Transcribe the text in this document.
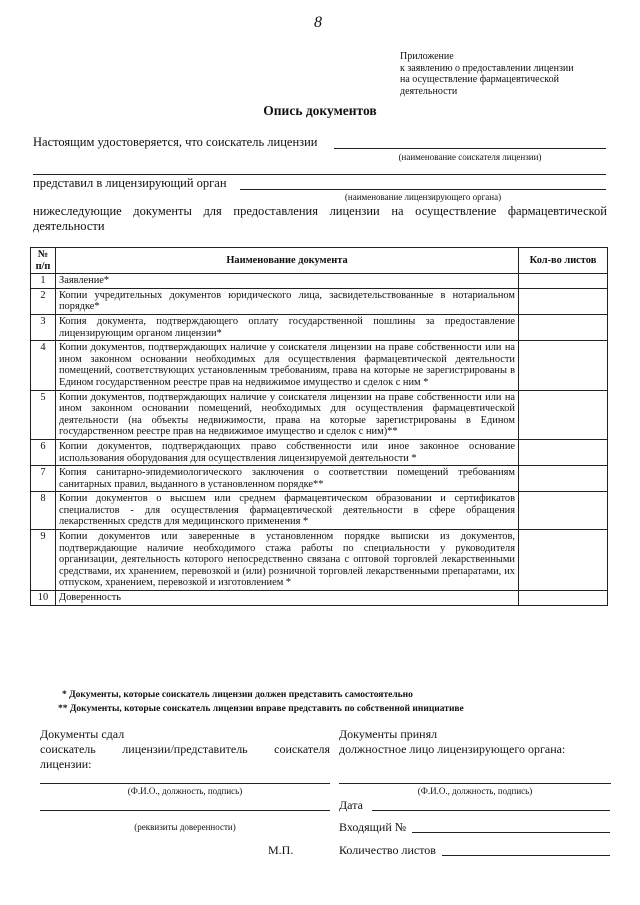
8
Приложение
к заявлению о предоставлении лицензии
на осуществление фармацевтической
деятельности
Опись документов
Настоящим удостоверяется, что соискатель лицензии
(наименование соискателя лицензии)
представил в лицензирующий орган
(наименование лицензирующего органа)
нижеследующие документы для предоставления лицензии на осуществление фармацевтической деятельности
№ п/п	Наименование документа	Кол-во листов
1	Заявление*	
2	Копии учредительных документов юридического лица, засвидетельствованные в нотариальном порядке*	
3	Копия документа, подтверждающего оплату государственной пошлины за предоставление лицензирующим органом лицензии*	
4	Копии документов, подтверждающих наличие у соискателя лицензии на праве собственности или на ином законном основании необходимых для осуществления фармацевтической деятельности помещений, соответствующих установленным требованиям, права на которые не зарегистрированы в Едином государственном реестре прав на недвижимое имущество и сделок с ним *	
5	Копии документов, подтверждающих наличие у соискателя лицензии на праве собственности или на ином законном основании помещений, необходимых для осуществления фармацевтической деятельности (на объекты недвижимости, права на которые зарегистрированы в Едином государственном реестре прав на недвижимое имущество и сделок с ним)**	
6	Копии документов, подтверждающих право собственности или иное законное основание использования оборудования для осуществления лицензируемой деятельности *	
7	Копия санитарно-эпидемиологического заключения о соответствии помещений требованиям санитарных правил, выданного в установленном порядке**	
8	Копии документов о высшем или среднем фармацевтическом образовании и сертификатов специалистов - для осуществления фармацевтической деятельности в сфере обращения лекарственных средств для медицинского применения *	
9	Копии документов или заверенные в установленном порядке выписки из документов, подтверждающие наличие необходимого стажа работы по специальности у руководителя организации, деятельность которого непосредственно связана с оптовой торговлей лекарственными средствами, их хранением, перевозкой и (или) розничной торговлей лекарственными препаратами, их отпуском, хранением, перевозкой и изготовлением *	
10	Доверенность	
* Документы, которые соискатель лицензии должен представить самостоятельно
** Документы, которые соискатель лицензии вправе представить по собственной инициативе
Документы сдал
соискатель лицензии/представитель соискателя лицензии:
Документы принял
должностное лицо лицензирующего органа:
(Ф.И.О., должность, подпись)	(Ф.И.О., должность, подпись)
Дата
(реквизиты доверенности)	Входящий №
М.П.	Количество листов
